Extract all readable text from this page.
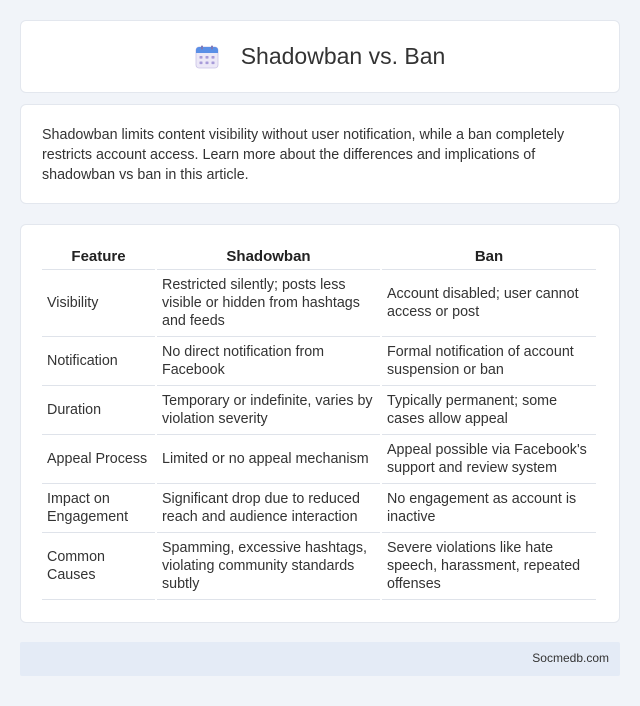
Shadowban vs. Ban

Shadowban limits content visibility without user notification, while a ban completely restricts account access. Learn more about the differences and implications of shadowban vs ban in this article.

Feature	Shadowban	Ban
Visibility	Restricted silently; posts less visible or hidden from hashtags and feeds	Account disabled; user cannot access or post
Notification	No direct notification from Facebook	Formal notification of account suspension or ban
Duration	Temporary or indefinite, varies by violation severity	Typically permanent; some cases allow appeal
Appeal Process	Limited or no appeal mechanism	Appeal possible via Facebook's support and review system
Impact on Engagement	Significant drop due to reduced reach and audience interaction	No engagement as account is inactive
Common Causes	Spamming, excessive hashtags, violating community standards subtly	Severe violations like hate speech, harassment, repeated offenses
Socmedb.com
